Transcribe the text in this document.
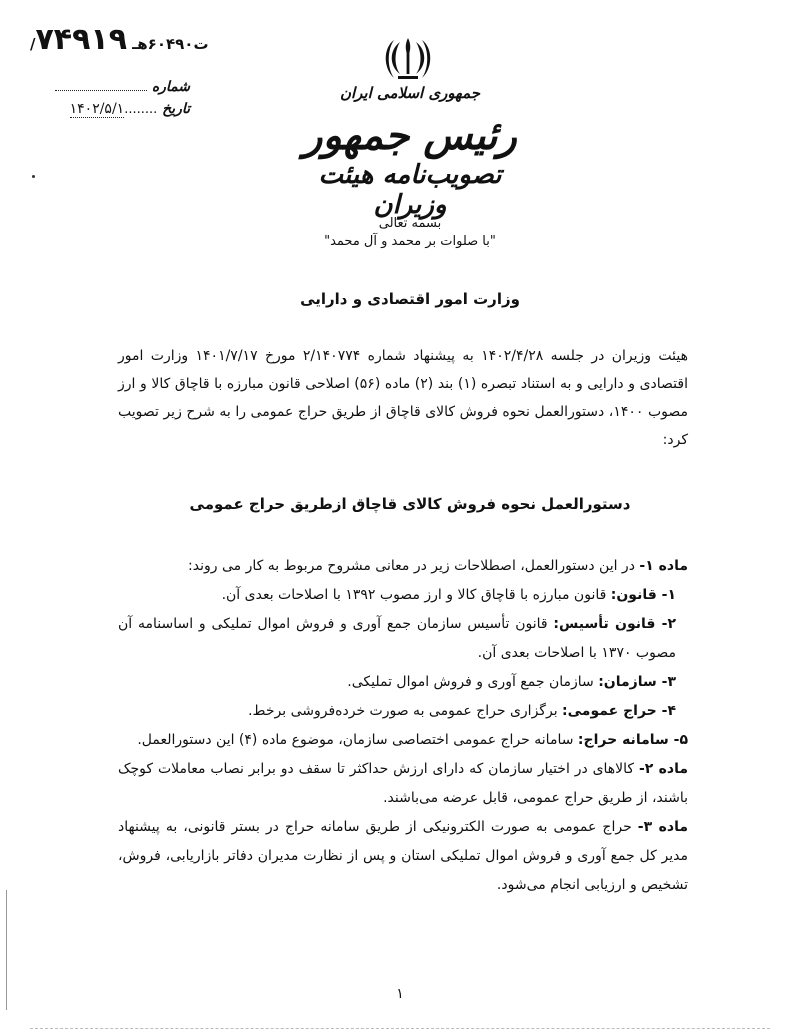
/ت۶۰۴۹۰هـ ۷۴۹۱۹
شماره
تاریخ ........۱۴۰۲/۵/۱
جمهوری اسلامی ایران
رئیس جمهور
تصویب‌نامه هیئت وزیران
بسمه تعالی
"با صلوات بر محمد و آل محمد"
وزارت امور اقتصادی و دارایی
هیئت وزیران در جلسه ۱۴۰۲/۴/۲۸ به پیشنهاد شماره ۲/۱۴۰۷۷۴ مورخ ۱۴۰۱/۷/۱۷ وزارت امور اقتصادی و دارایی و به استناد تبصره (۱) بند (۲) ماده (۵۶) اصلاحی قانون مبارزه با قاچاق کالا و ارز مصوب ۱۴۰۰، دستورالعمل نحوه فروش کالای قاچاق از طریق حراج عمومی را به شرح زیر تصویب کرد:
دستورالعمل نحوه فروش کالای قاچاق ازطریق حراج عمومی

ماده ۱- در این دستورالعمل، اصطلاحات زیر در معانی مشروح مربوط به کار می روند:

۱- قانون: قانون مبارزه با قاچاق کالا و ارز مصوب ۱۳۹۲ با اصلاحات بعدی آن.

۲- قانون تأسیس: قانون تأسیس سازمان جمع آوری و فروش اموال تملیکی و اساسنامه آن مصوب ۱۳۷۰ با اصلاحات بعدی آن.

۳- سازمان: سازمان جمع آوری و فروش اموال تملیکی.

۴- حراج عمومی: برگزاری حراج عمومی به صورت خرده‌فروشی برخط.

۵- سامانه حراج: سامانه حراج عمومی اختصاصی سازمان، موضوع ماده (۴) این دستورالعمل.

ماده ۲- کالاهای در اختیار سازمان که دارای ارزش حداکثر تا سقف دو برابر نصاب معاملات کوچک باشند، از طریق حراج عمومی، قابل عرضه می‌باشند.

ماده ۳- حراج عمومی به صورت الکترونیکی از طریق سامانه حراج در بستر قانونی، به پیشنهاد مدیر کل جمع آوری و فروش اموال تملیکی استان و پس از نظارت مدیران دفاتر بازاریابی، فروش، تشخیص و ارزیابی انجام می‌شود.

۱
